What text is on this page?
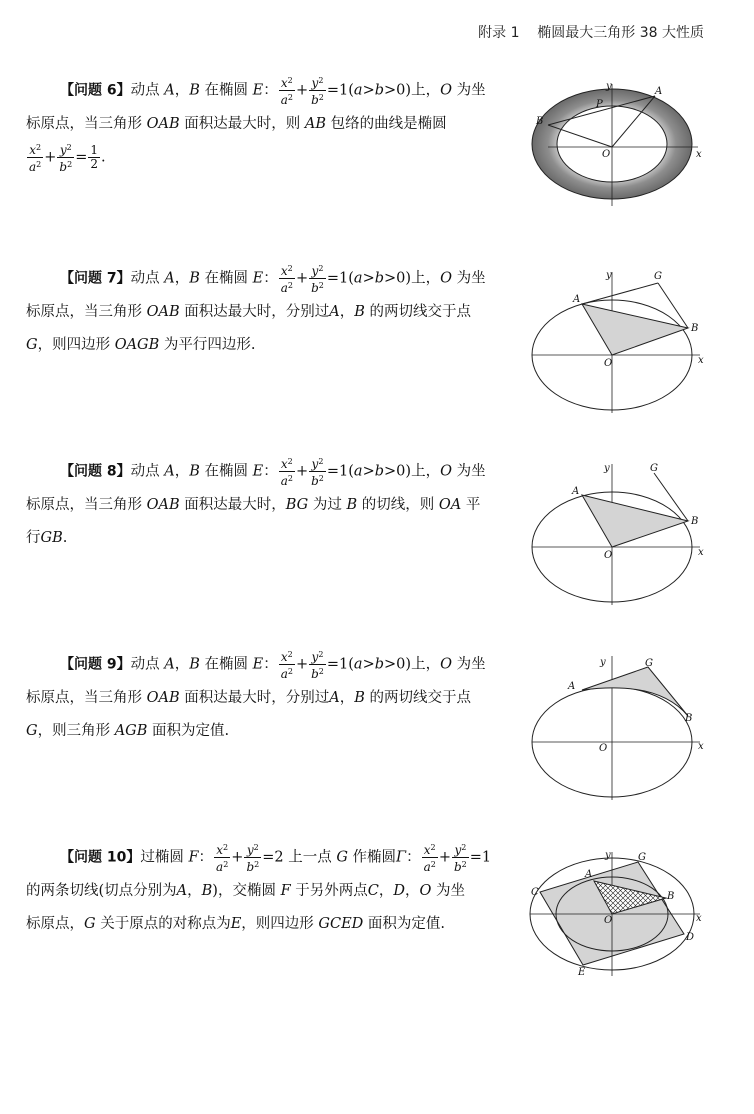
附录 1    椭圆最大三角形 38 大性质
【问题 6】动点 A，B 在椭圆 E： $\frac{x^2}{a^2} + \frac{y^2}{b^2} =1(a>b>0)$上，O 为坐
标原点，当三角形 OAB 面积达最大时，则 AB 包络的曲线是椭圆
$\frac{x^2}{a^2} + \frac{y^2}{b^2} = \frac{1}{2}$ .
【问题 7】动点 A，B 在椭圆 E： $\frac{x^2}{a^2} + \frac{y^2}{b^2} =1(a>b>0)$上，O 为坐
标原点，当三角形 OAB 面积达最大时，分别过A，B 的两切线交于点
G，则四边形 OAGB 为平行四边形.
【问题 8】动点 A，B 在椭圆 E： $\frac{x^2}{a^2} + \frac{y^2}{b^2} =1(a>b>0)$上，O 为坐
标原点，当三角形 OAB 面积达最大时，BG 为过 B 的切线，则 OA 平
行GB.
【问题 9】动点 A，B 在椭圆 E： $\frac{x^2}{a^2} + \frac{y^2}{b^2} =1(a>b>0)$上，O 为坐
标原点，当三角形 OAB 面积达最大时，分别过A，B 的两切线交于点
G，则三角形 AGB 面积为定值.
【问题 10】过椭圆 F： $\frac{x^2}{a^2} + \frac{y^2}{b^2} =2$ 上一点 G 作椭圆Γ： $\frac{x^2}{a^2} + \frac{y^2}{b^2} =1$
的两条切线(切点分别为A，B)，交椭圆 F 于另外两点C，D，O 为坐
标原点，G 关于原点的对称点为E，则四边形 GCED 面积为定值.
y
x
O
A
B
P
y
x
O
A
B
G
y
x
O
A
B
G
y
x
O
A
B
G
y
x
O
A
B
G
C
D
E
